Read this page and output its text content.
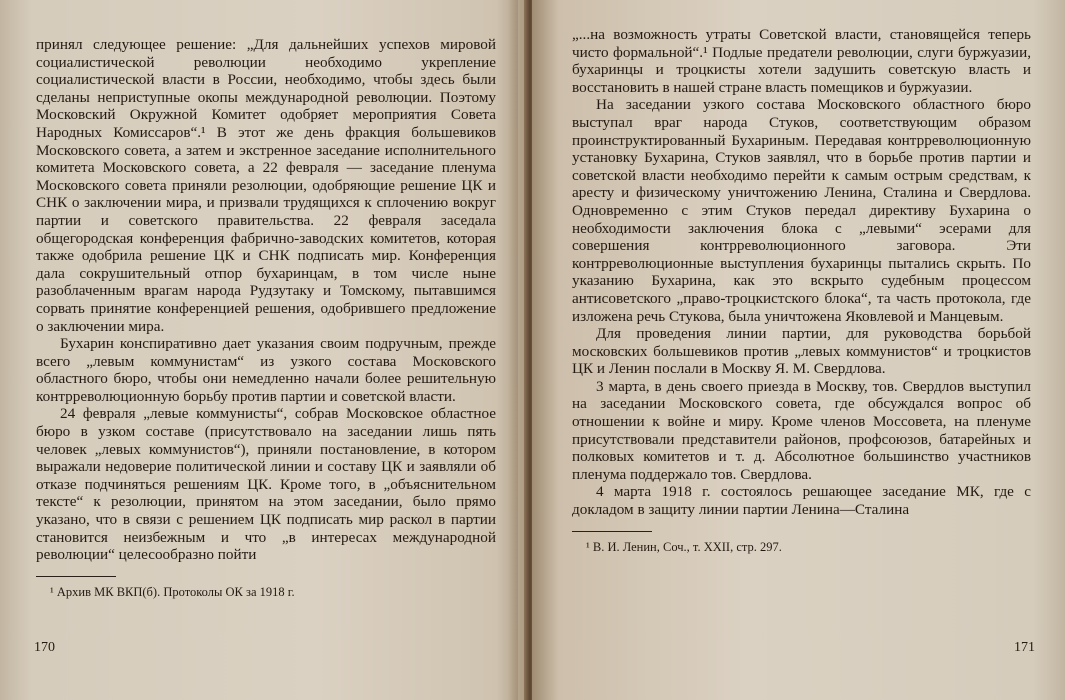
принял следующее решение: „Для дальнейших успехов мировой социалистической революции необходимо укрепление социалистической власти в России, необходимо, чтобы здесь были сделаны неприступные окопы международной революции. Поэтому Московский Окружной Комитет одобряет мероприятия Совета Народных Комиссаров“.¹ В этот же день фракция большевиков Московского совета, а затем и экстренное заседание исполнительного комитета Московского совета, а 22 февраля — заседание пленума Московского совета приняли резолюции, одобряющие решение ЦК и СНК о заключении мира, и призвали трудящихся к сплочению вокруг партии и советского правительства. 22 февраля заседала общегородская конференция фабрично-заводских комитетов, которая также одобрила решение ЦК и СНК подписать мир. Конференция дала сокрушительный отпор бухаринцам, в том числе ныне разоблаченным врагам народа Рудзутаку и Томскому, пытавшимся сорвать принятие конференцией решения, одобрившего предложение о заключении мира.

Бухарин конспиративно дает указания своим подручным, прежде всего „левым коммунистам“ из узкого состава Московского областного бюро, чтобы они немедленно начали более решительную контрреволюционную борьбу против партии и советской власти.

24 февраля „левые коммунисты“, собрав Московское областное бюро в узком составе (присутствовало на заседании лишь пять человек „левых коммунистов“), приняли постановление, в котором выражали недоверие политической линии и составу ЦК и заявляли об отказе подчиняться решениям ЦК. Кроме того, в „объяснительном тексте“ к резолюции, принятом на этом заседании, было прямо указано, что в связи с решением ЦК подписать мир раскол в партии становится неизбежным и что „в интересах международной революции“ целесообразно пойти

¹ Архив МК ВКП(б). Протоколы ОК за 1918 г.
170

„...на возможность утраты Советской власти, становящейся теперь чисто формальной“.¹ Подлые предатели революции, слуги буржуазии, бухаринцы и троцкисты хотели задушить советскую власть и восстановить в нашей стране власть помещиков и буржуазии.

На заседании узкого состава Московского областного бюро выступал враг народа Стуков, соответствующим образом проинструктированный Бухариным. Передавая контрреволюционную установку Бухарина, Стуков заявлял, что в борьбе против партии и советской власти необходимо перейти к самым острым средствам, к аресту и физическому уничтожению Ленина, Сталина и Свердлова. Одновременно с этим Стуков передал директиву Бухарина о необходимости заключения блока с „левыми“ эсерами для совершения контрреволюционного заговора. Эти контрреволюционные выступления бухаринцы пытались скрыть. По указанию Бухарина, как это вскрыто судебным процессом антисоветского „право-троцкистского блока“, та часть протокола, где изложена речь Стукова, была уничтожена Яковлевой и Манцевым.

Для проведения линии партии, для руководства борьбой московских большевиков против „левых коммунистов“ и троцкистов ЦК и Ленин послали в Москву Я. М. Свердлова.

3 марта, в день своего приезда в Москву, тов. Свердлов выступил на заседании Московского совета, где обсуждался вопрос об отношении к войне и миру. Кроме членов Моссовета, на пленуме присутствовали представители районов, профсоюзов, батарейных и полковых комитетов и т. д. Абсолютное большинство участников пленума поддержало тов. Свердлова.

4 марта 1918 г. состоялось решающее заседание МК, где с докладом в защиту линии партии Ленина—Сталина

¹ В. И. Ленин, Соч., т. XXII, стр. 297.
171
